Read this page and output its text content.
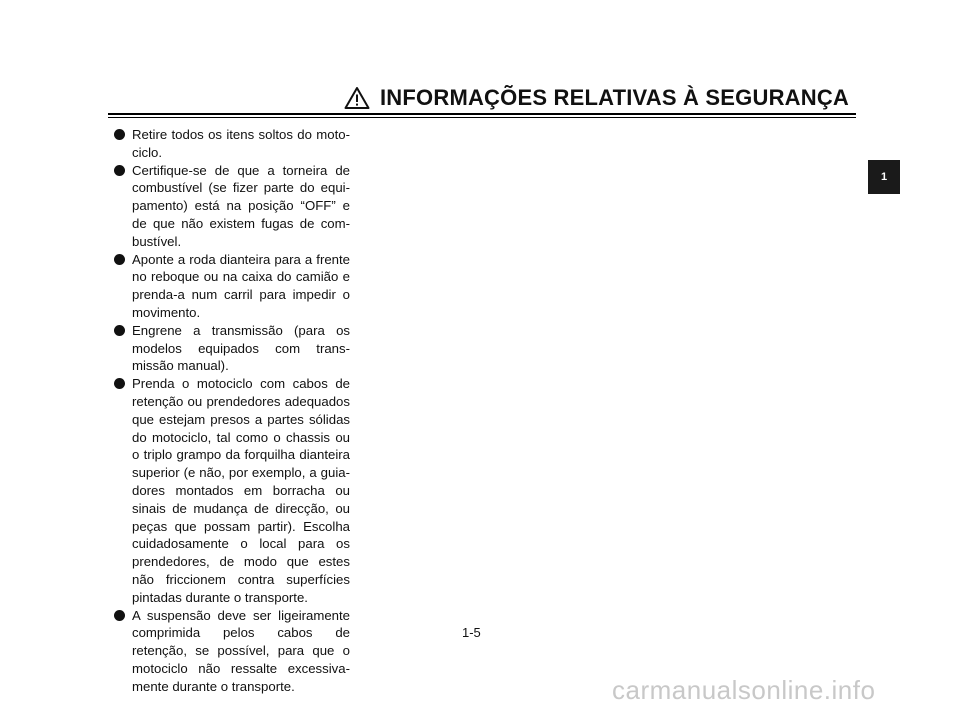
INFORMAÇÕES RELATIVAS À SEGURANÇA
Retire todos os itens soltos do moto-ciclo.
Certifique-se de que a torneira de combustível (se fizer parte do equi-pamento) está na posição “OFF” e de que não existem fugas de com-bustível.
Aponte a roda dianteira para a frente no reboque ou na caixa do camião e prenda-a num carril para impedir o movimento.
Engrene a transmissão (para os modelos equipados com trans-missão manual).
Prenda o motociclo com cabos de retenção ou prendedores adequados que estejam presos a partes sólidas do motociclo, tal como o chassis ou o triplo grampo da forquilha dianteira superior (e não, por exemplo, a guia-dores montados em borracha ou sinais de mudança de direcção, ou peças que possam partir). Escolha cuidadosamente o local para os prendedores, de modo que estes não friccionem contra superfícies pintadas durante o transporte.
A suspensão deve ser ligeiramente comprimida pelos cabos de retenção, se possível, para que o motociclo não ressalte excessiva-mente durante o transporte.
1-5
1
carmanualsonline.info
